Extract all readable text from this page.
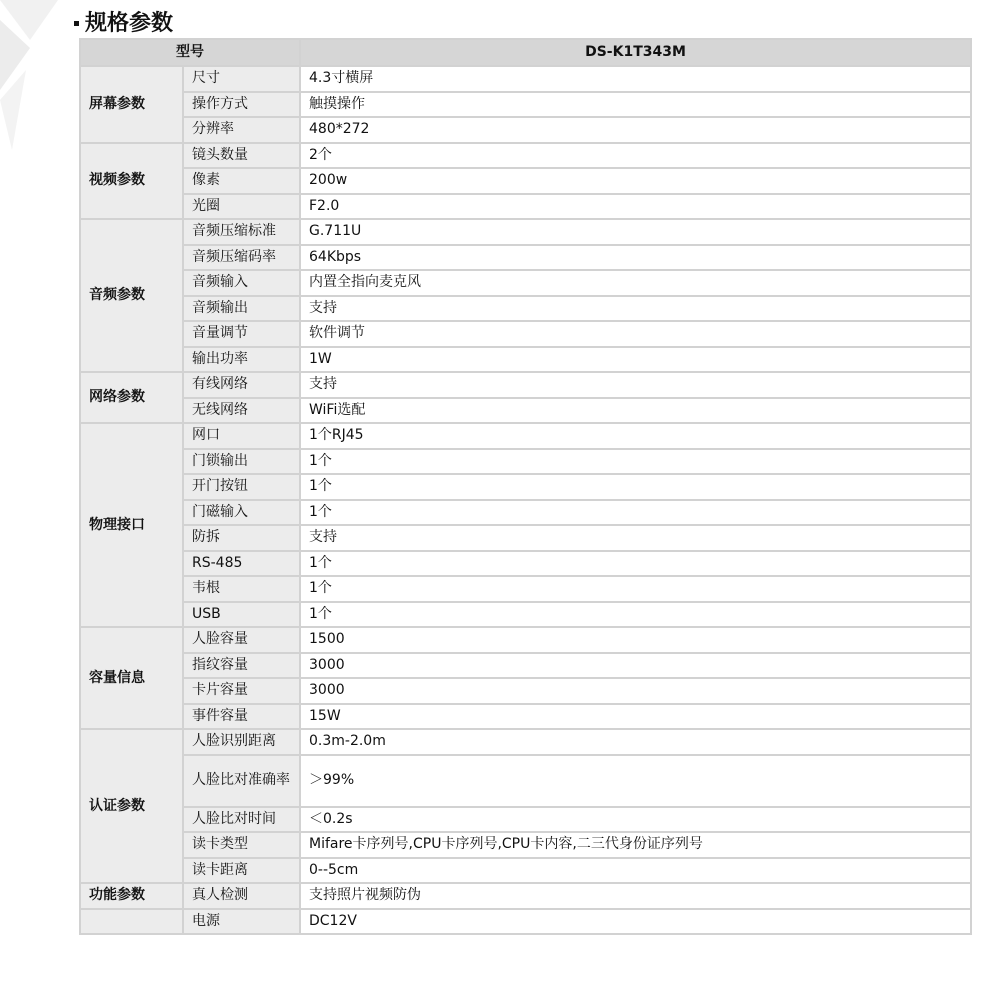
规格参数
型号		DS-K1T343M
屏幕参数	尺寸	4.3寸横屏
	操作方式	触摸操作
	分辨率	480*272
视频参数	镜头数量	2个
	像素	200w
	光圈	F2.0
音频参数	音频压缩标准	G.711U
	音频压缩码率	64Kbps
	音频输入	内置全指向麦克风
	音频输出	支持
	音量调节	软件调节
	输出功率	1W
网络参数	有线网络	支持
	无线网络	WiFi选配
物理接口	网口	1个RJ45
	门锁输出	1个
	开门按钮	1个
	门磁输入	1个
	防拆	支持
	RS-485	1个
	韦根	1个
	USB	1个
容量信息	人脸容量	1500
	指纹容量	3000
	卡片容量	3000
	事件容量	15W
认证参数	人脸识别距离	0.3m-2.0m
	人脸比对准确率	＞99%
	人脸比对时间	＜0.2s
	读卡类型	Mifare卡序列号,CPU卡序列号,CPU卡内容,二三代身份证序列号
	读卡距离	0--5cm
功能参数	真人检测	支持照片视频防伪
	电源	DC12V
